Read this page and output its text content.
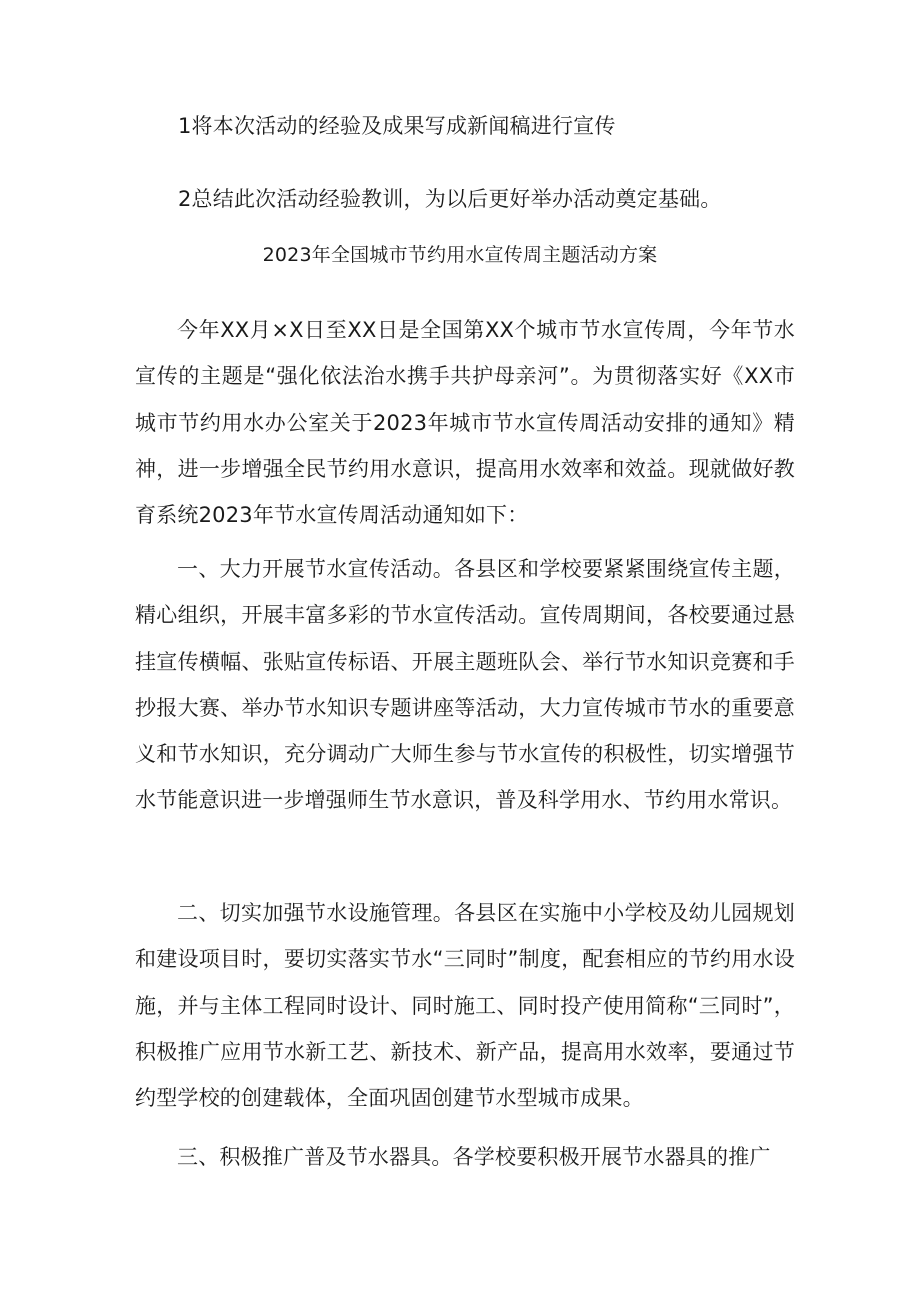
1将本次活动的经验及成果写成新闻稿进行宣传
2总结此次活动经验教训，为以后更好举办活动奠定基础。
2023年全国城市节约用水宣传周主题活动方案
今年XX月×X日至XX日是全国第XX个城市节水宣传周，今年节水宣传的主题是“强化依法治水携手共护母亲河”。为贯彻落实好《XX市城市节约用水办公室关于2023年城市节水宣传周活动安排的通知》精神，进一步增强全民节约用水意识，提高用水效率和效益。现就做好教育系统2023年节水宣传周活动通知如下：
一、大力开展节水宣传活动。各县区和学校要紧紧围绕宣传主题，精心组织，开展丰富多彩的节水宣传活动。宣传周期间，各校要通过悬挂宣传横幅、张贴宣传标语、开展主题班队会、举行节水知识竞赛和手抄报大赛、举办节水知识专题讲座等活动，大力宣传城市节水的重要意义和节水知识，充分调动广大师生参与节水宣传的积极性，切实增强节水节能意识进一步增强师生节水意识，普及科学用水、节约用水常识。
二、切实加强节水设施管理。各县区在实施中小学校及幼儿园规划和建设项目时，要切实落实节水“三同时”制度，配套相应的节约用水设施，并与主体工程同时设计、同时施工、同时投产使用简称“三同时”，积极推广应用节水新工艺、新技术、新产品，提高用水效率，要通过节约型学校的创建载体，全面巩固创建节水型城市成果。
三、积极推广普及节水器具。各学校要积极开展节水器具的推广
